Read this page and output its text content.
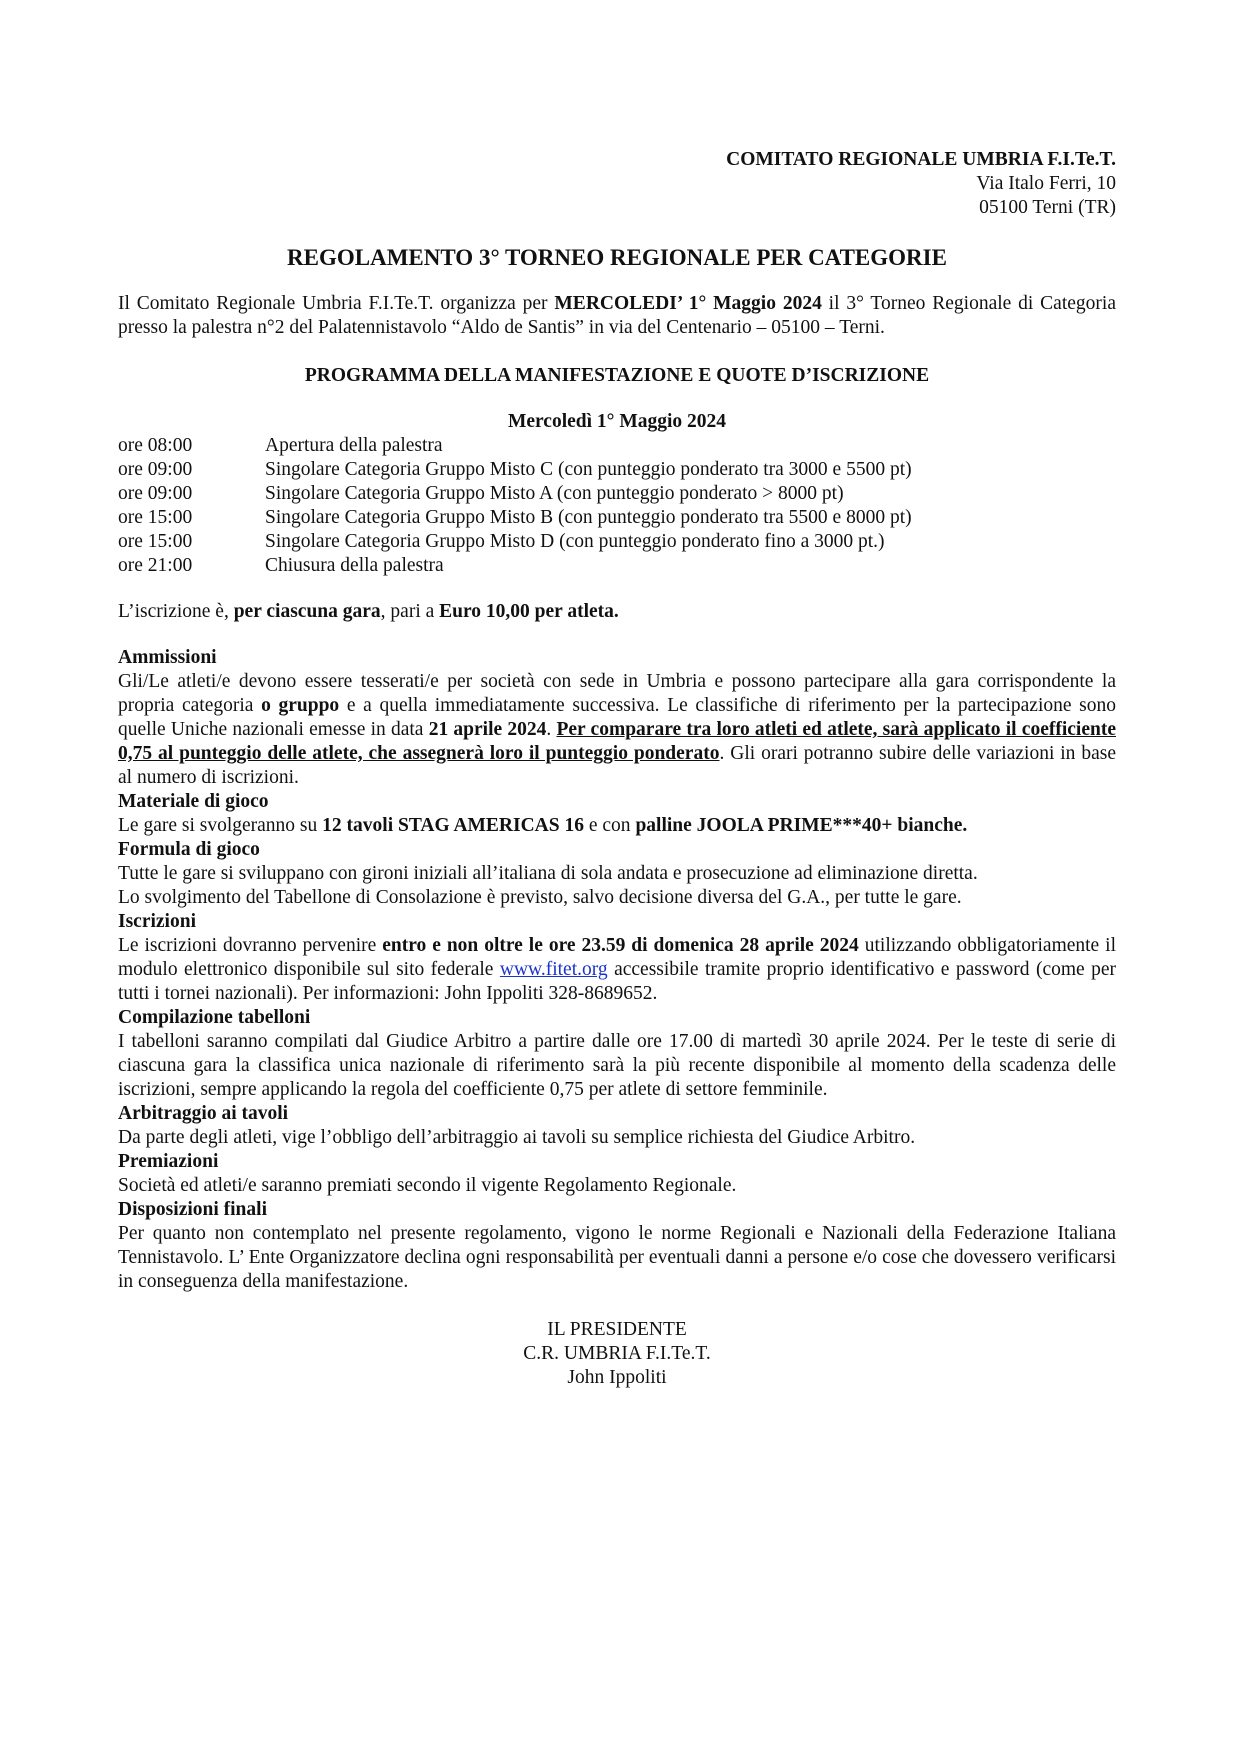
COMITATO REGIONALE UMBRIA F.I.Te.T.
Via Italo Ferri, 10
05100 Terni (TR)
REGOLAMENTO 3° TORNEO REGIONALE PER CATEGORIE
Il Comitato Regionale Umbria F.I.Te.T. organizza per MERCOLEDI’ 1° Maggio 2024 il 3° Torneo Regionale di Categoria presso la palestra n°2 del Palatennistavolo “Aldo de Santis” in via del Centenario – 05100 – Terni.
PROGRAMMA DELLA MANIFESTAZIONE E QUOTE D’ISCRIZIONE
Mercoledì 1° Maggio 2024
ore 08:00	Apertura della palestra
ore 09:00	Singolare Categoria Gruppo Misto C (con punteggio ponderato tra 3000 e 5500 pt)
ore 09:00	Singolare Categoria Gruppo Misto A (con punteggio ponderato > 8000 pt)
ore 15:00	Singolare Categoria Gruppo Misto B (con punteggio ponderato tra 5500 e 8000 pt)
ore 15:00	Singolare Categoria Gruppo Misto D (con punteggio ponderato fino a 3000 pt.)
ore 21:00	Chiusura della palestra
L’iscrizione è, per ciascuna gara, pari a Euro 10,00 per atleta.
Ammissioni
Gli/Le atleti/e devono essere tesserati/e per società con sede in Umbria e possono partecipare alla gara corrispondente la propria categoria o gruppo e a quella immediatamente successiva. Le classifiche di riferimento per la partecipazione sono quelle Uniche nazionali emesse in data 21 aprile 2024. Per comparare tra loro atleti ed atlete, sarà applicato il coefficiente 0,75 al punteggio delle atlete, che assegnerà loro il punteggio ponderato. Gli orari potranno subire delle variazioni in base al numero di iscrizioni.
Materiale di gioco
Le gare si svolgeranno su 12 tavoli STAG AMERICAS 16 e con palline JOOLA PRIME***40+ bianche.
Formula di gioco
Tutte le gare si sviluppano con gironi iniziali all’italiana di sola andata e prosecuzione ad eliminazione diretta.
Lo svolgimento del Tabellone di Consolazione è previsto, salvo decisione diversa del G.A., per tutte le gare.
Iscrizioni
Le iscrizioni dovranno pervenire entro e non oltre le ore 23.59 di domenica 28 aprile 2024 utilizzando obbligatoriamente il modulo elettronico disponibile sul sito federale www.fitet.org accessibile tramite proprio identificativo e password (come per tutti i tornei nazionali). Per informazioni: John Ippoliti 328-8689652.
Compilazione tabelloni
I tabelloni saranno compilati dal Giudice Arbitro a partire dalle ore 17.00 di martedì 30 aprile 2024. Per le teste di serie di ciascuna gara la classifica unica nazionale di riferimento sarà la più recente disponibile al momento della scadenza delle iscrizioni, sempre applicando la regola del coefficiente 0,75 per atlete di settore femminile.
Arbitraggio ai tavoli
Da parte degli atleti, vige l’obbligo dell’arbitraggio ai tavoli su semplice richiesta del Giudice Arbitro.
Premiazioni
Società ed atleti/e saranno premiati secondo il vigente Regolamento Regionale.
Disposizioni finali
Per quanto non contemplato nel presente regolamento, vigono le norme Regionali e Nazionali della Federazione Italiana Tennistavolo. L’ Ente Organizzatore declina ogni responsabilità per eventuali danni a persone e/o cose che dovessero verificarsi in conseguenza della manifestazione.
IL PRESIDENTE
C.R. UMBRIA F.I.Te.T.
John Ippoliti
